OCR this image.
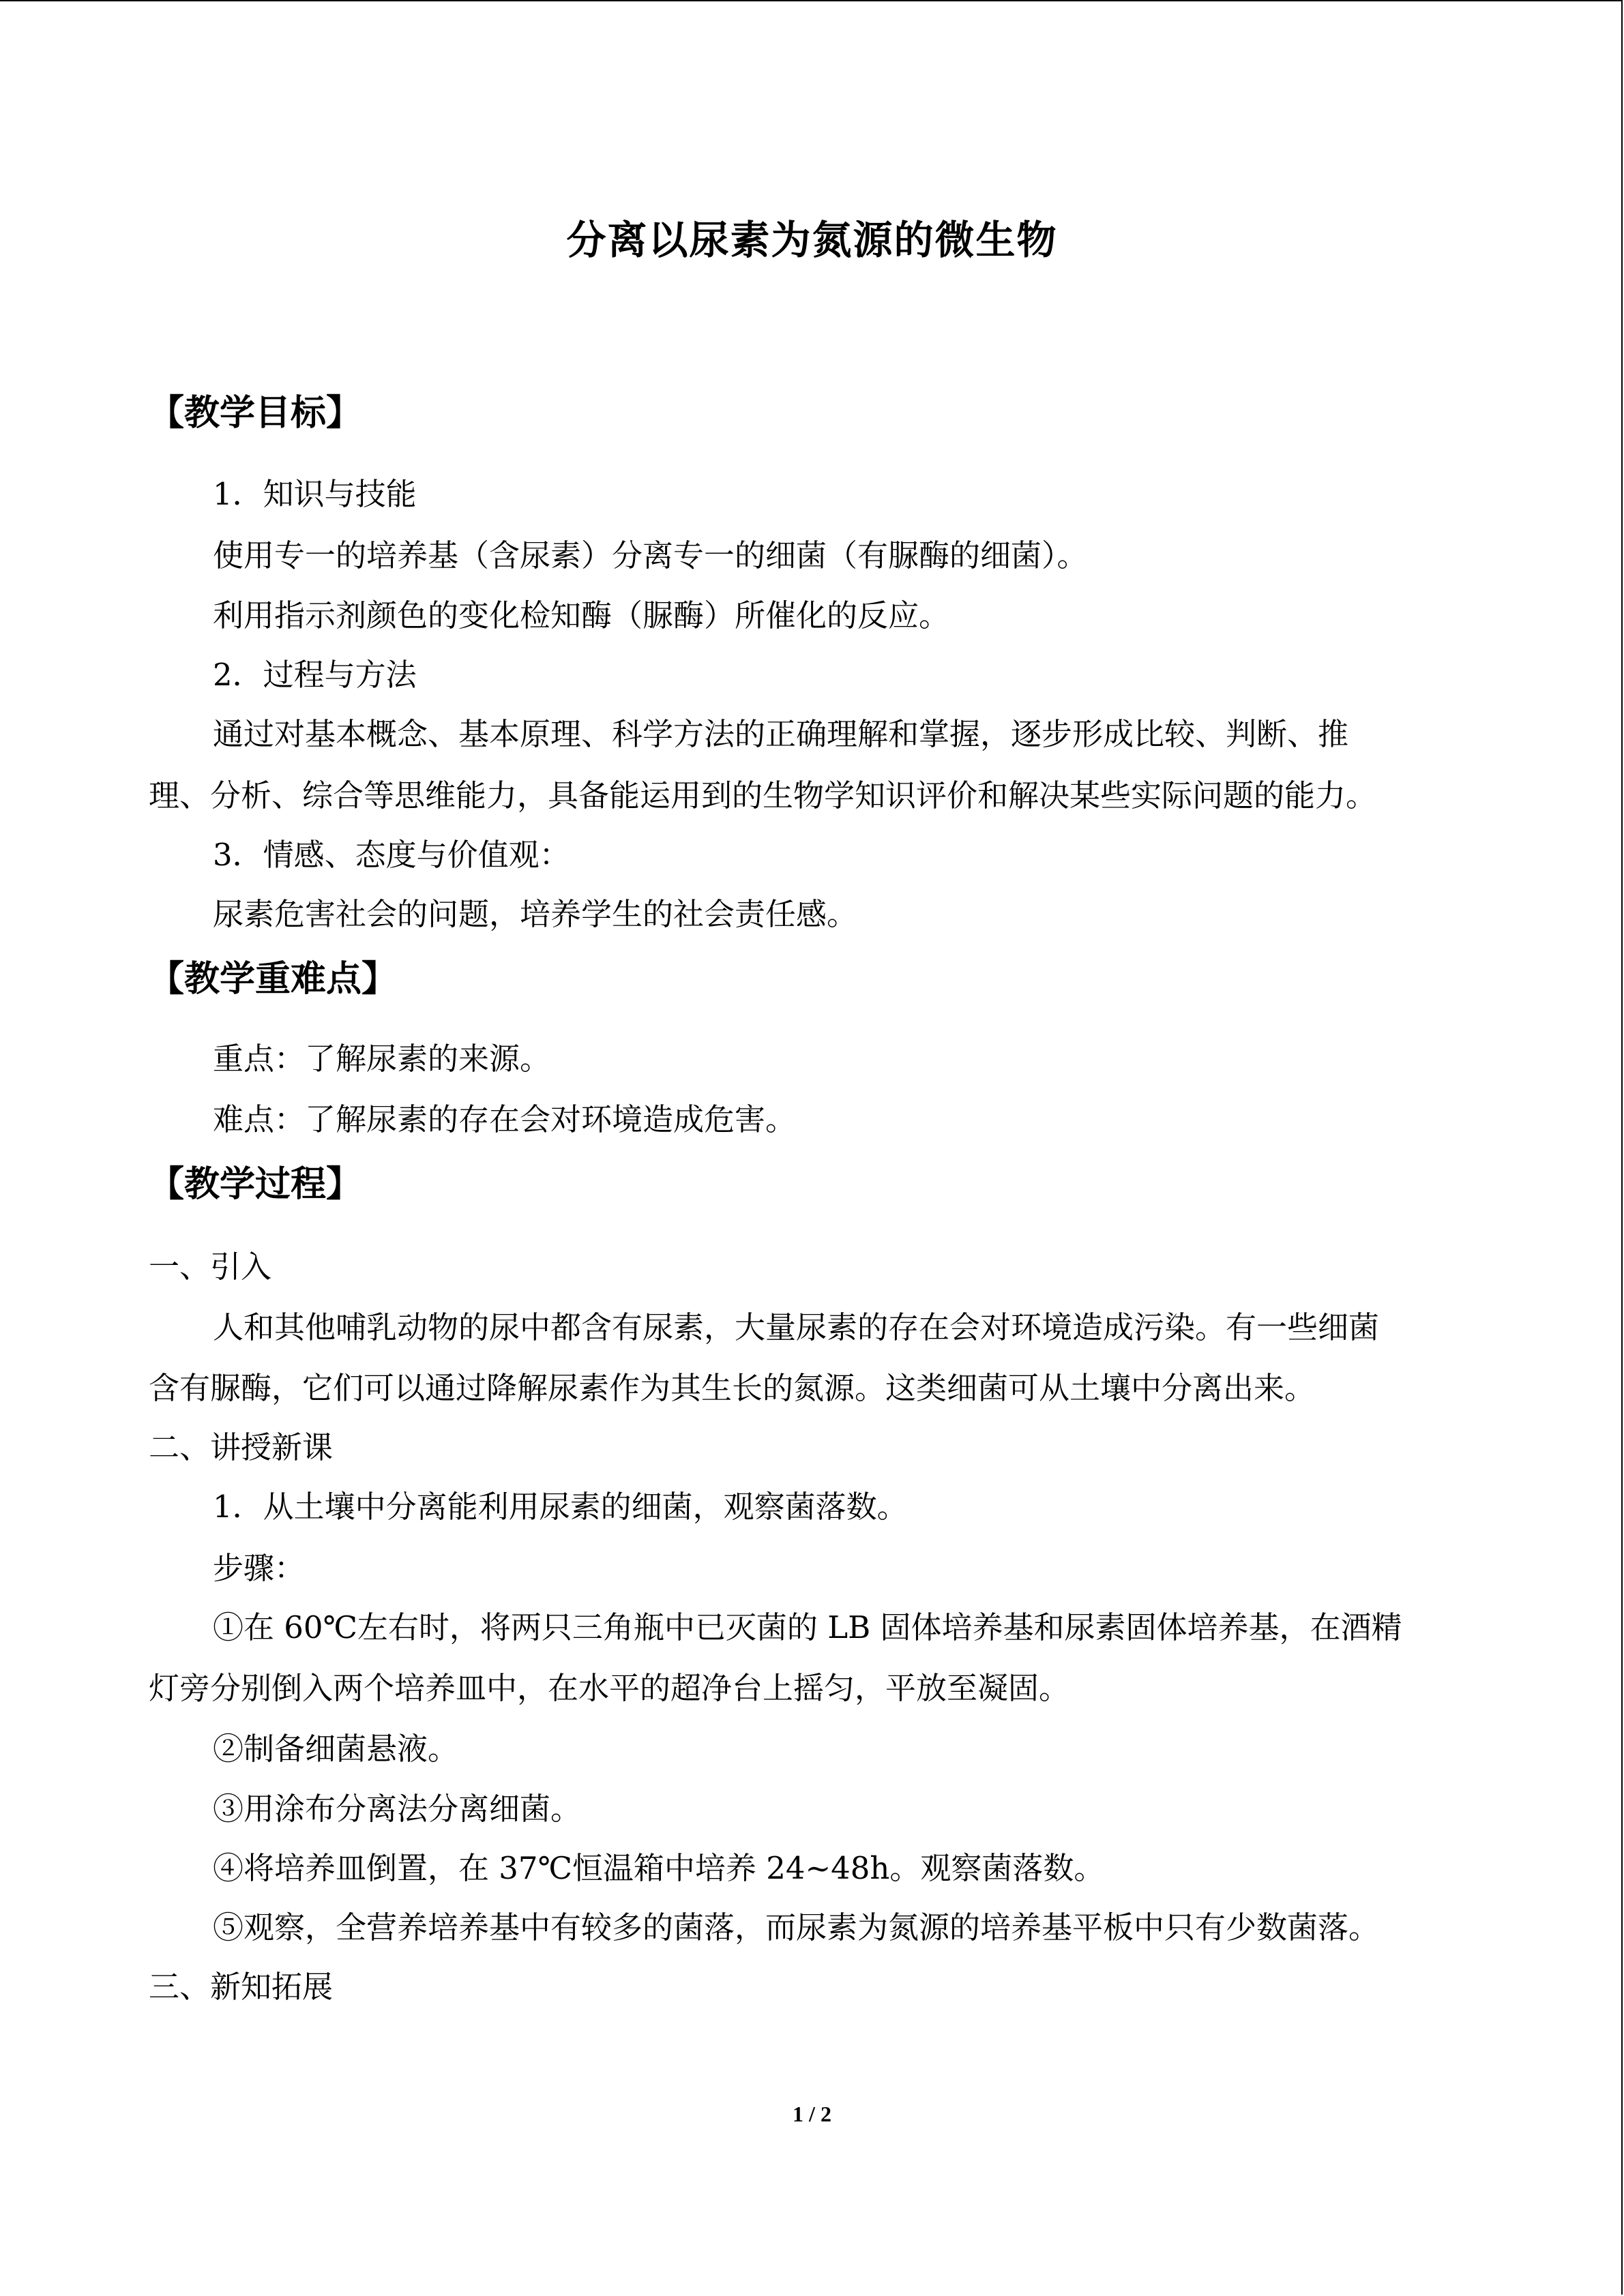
分离以尿素为氮源的微生物
【教学目标】
1．知识与技能
使用专一的培养基（含尿素）分离专一的细菌（有脲酶的细菌）。
利用指示剂颜色的变化检知酶（脲酶）所催化的反应。
2．过程与方法
通过对基本概念、基本原理、科学方法的正确理解和掌握，逐步形成比较、判断、推
理、分析、综合等思维能力，具备能运用到的生物学知识评价和解决某些实际问题的能力。
3．情感、态度与价值观：
尿素危害社会的问题，培养学生的社会责任感。
【教学重难点】
重点：了解尿素的来源。
难点：了解尿素的存在会对环境造成危害。
【教学过程】
一、引入
人和其他哺乳动物的尿中都含有尿素，大量尿素的存在会对环境造成污染。有一些细菌
含有脲酶，它们可以通过降解尿素作为其生长的氮源。这类细菌可从土壤中分离出来。
二、讲授新课
1．从土壤中分离能利用尿素的细菌，观察菌落数。
步骤：
①在 60℃左右时，将两只三角瓶中已灭菌的 LB 固体培养基和尿素固体培养基，在酒精
灯旁分别倒入两个培养皿中，在水平的超净台上摇匀，平放至凝固。
②制备细菌悬液。
③用涂布分离法分离细菌。
④将培养皿倒置，在 37℃恒温箱中培养 24~48h。观察菌落数。
⑤观察，全营养培养基中有较多的菌落，而尿素为氮源的培养基平板中只有少数菌落。
三、新知拓展
1 / 2
